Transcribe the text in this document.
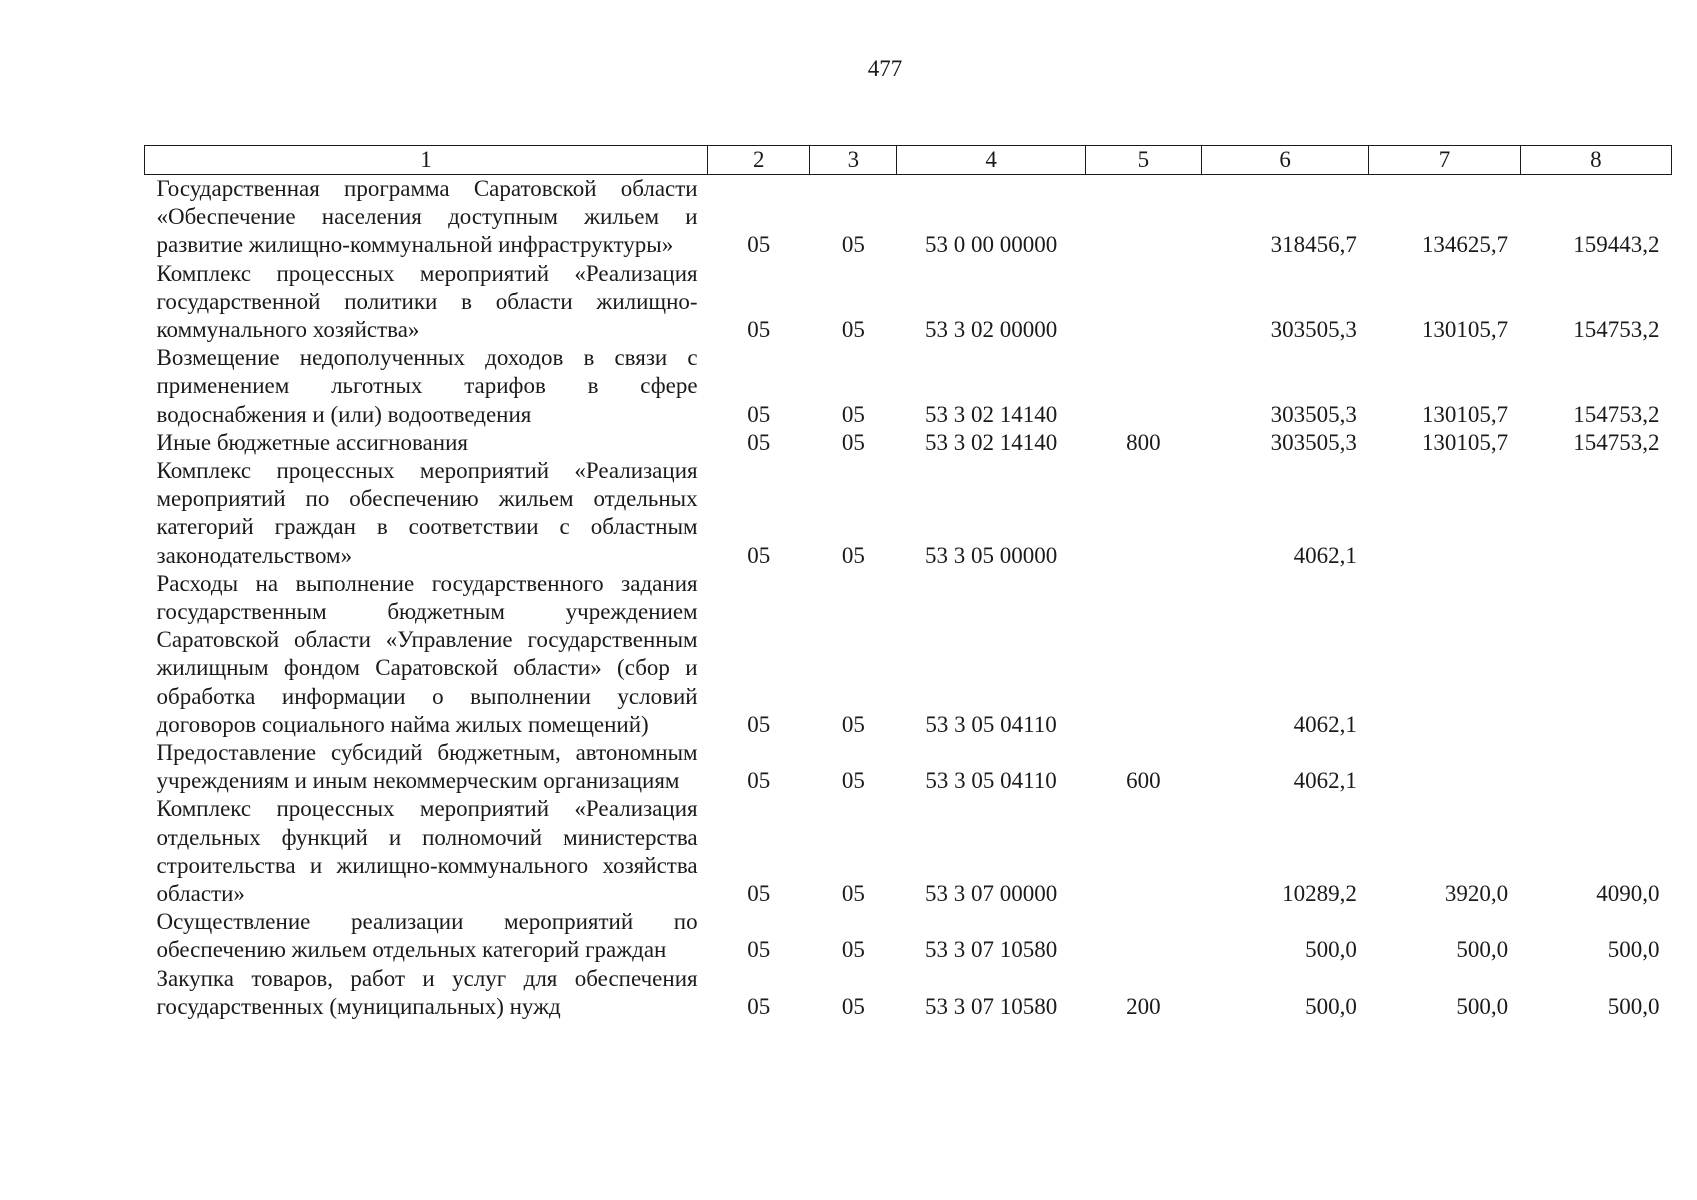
477
1	2	3	4	5	6	7	8
Государственная программа Саратовской области «Обеспечение населения доступным жильем и развитие жилищно-коммунальной инфраструктуры»	05	05	53 0 00 00000		318456,7	134625,7	159443,2
Комплекс процессных мероприятий «Реализация государственной политики в области жилищно-коммунального хозяйства»	05	05	53 3 02 00000		303505,3	130105,7	154753,2
Возмещение недополученных доходов в связи с применением льготных тарифов в сфере водоснабжения и (или) водоотведения	05	05	53 3 02 14140		303505,3	130105,7	154753,2
Иные бюджетные ассигнования	05	05	53 3 02 14140	800	303505,3	130105,7	154753,2
Комплекс процессных мероприятий «Реализация мероприятий по обеспечению жильем отдельных категорий граждан в соответствии с областным законодательством»	05	05	53 3 05 00000		4062,1		
Расходы на выполнение государственного задания государственным бюджетным учреждением Саратовской области «Управление государственным жилищным фондом Саратовской области» (сбор и обработка информации о выполнении условий договоров социального найма жилых помещений)	05	05	53 3 05 04110		4062,1		
Предоставление субсидий бюджетным, автономным учреждениям и иным некоммерческим организациям	05	05	53 3 05 04110	600	4062,1		
Комплекс процессных мероприятий «Реализация отдельных функций и полномочий министерства строительства и жилищно-коммунального хозяйства области»	05	05	53 3 07 00000		10289,2	3920,0	4090,0
Осуществление реализации мероприятий по обеспечению жильем отдельных категорий граждан	05	05	53 3 07 10580		500,0	500,0	500,0
Закупка товаров, работ и услуг для обеспечения государственных (муниципальных) нужд	05	05	53 3 07 10580	200	500,0	500,0	500,0
